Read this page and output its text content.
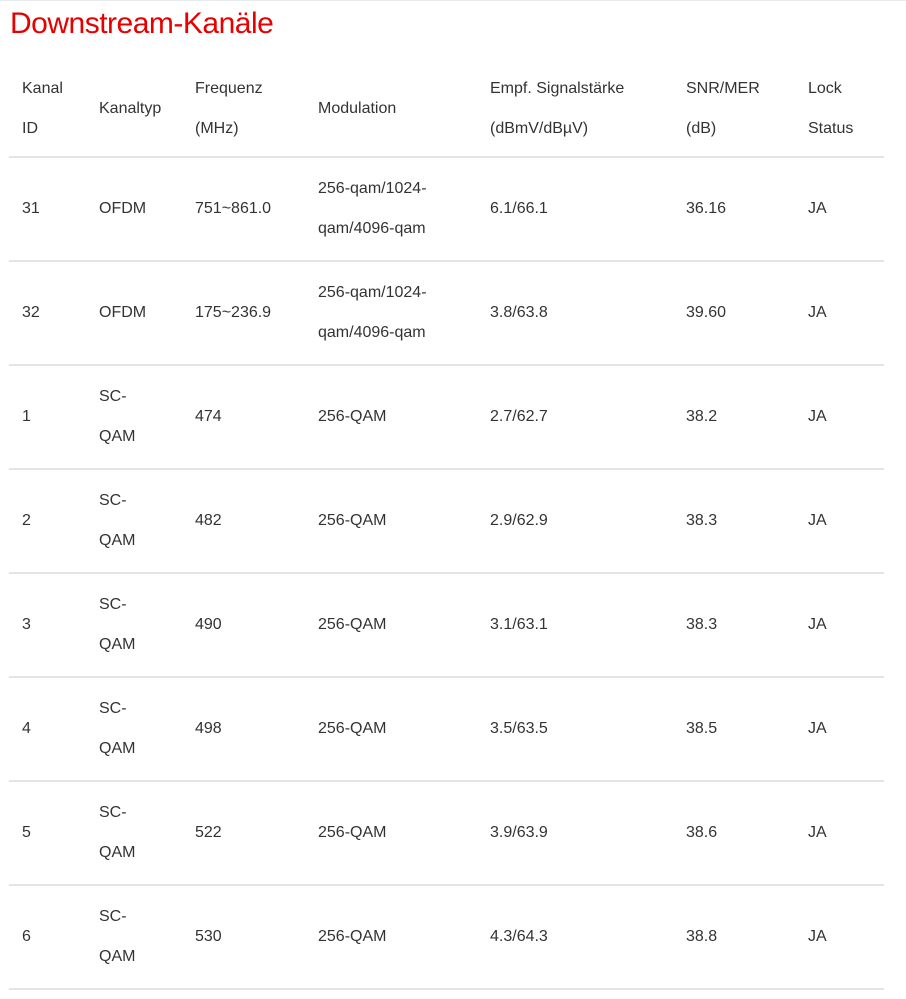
Downstream-Kanäle
Kanal ID	Kanaltyp	Frequenz (MHz)	Modulation	Empf. Signalstärke (dBmV/dBµV)	SNR/MER (dB)	Lock Status

31	OFDM	751~861.0	256-qam/1024-qam/4096-qam	6.1/66.1	36.16	JA

32	OFDM	175~236.9	256-qam/1024-qam/4096-qam	3.8/63.8	39.60	JA

1	SC-QAM	474	256-QAM	2.7/62.7	38.2	JA

2	SC-QAM	482	256-QAM	2.9/62.9	38.3	JA

3	SC-QAM	490	256-QAM	3.1/63.1	38.3	JA

4	SC-QAM	498	256-QAM	3.5/63.5	38.5	JA

5	SC-QAM	522	256-QAM	3.9/63.9	38.6	JA

6	SC-QAM	530	256-QAM	4.3/64.3	38.8	JA
